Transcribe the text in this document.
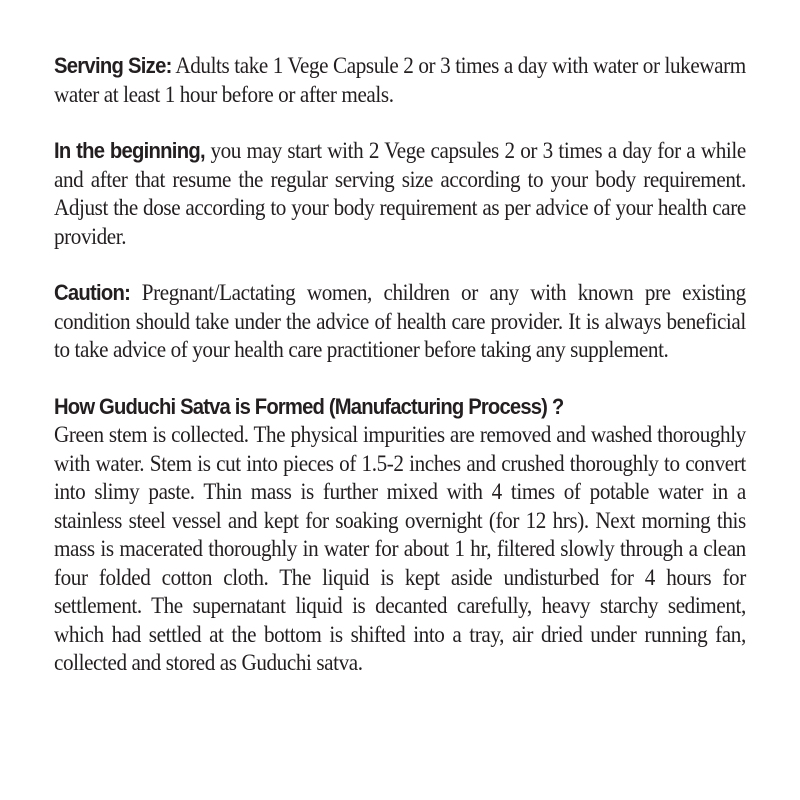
Serving Size: Adults take 1 Vege Capsule 2 or 3 times a day with water or lukewarm water at least 1 hour before or after meals.

In the beginning, you may start with 2 Vege capsules 2 or 3 times a day for a while and after that resume the regular serving size according to your body requirement. Adjust the dose according to your body requirement as per advice of your health care provider.

Caution: Pregnant/Lactating women, children or any with known pre existing condition should take under the advice of health care provider. It is always beneficial to take advice of your health care practitioner before taking any supplement.

How Guduchi Satva is Formed (Manufacturing Process) ?

Green stem is collected. The physical impurities are removed and washed thoroughly with water. Stem is cut into pieces of 1.5-2 inches and crushed thoroughly to convert into slimy paste. Thin mass is further mixed with 4 times of potable water in a stainless steel vessel and kept for soaking overnight (for 12 hrs). Next morning this mass is macerated thoroughly in water for about 1 hr, filtered slowly through a clean four folded cotton cloth. The liquid is kept aside undisturbed for 4 hours for settlement. The supernatant liquid is decanted carefully, heavy starchy sediment, which had settled at the bottom is shifted into a tray, air dried under running fan, collected and stored as Guduchi satva.
